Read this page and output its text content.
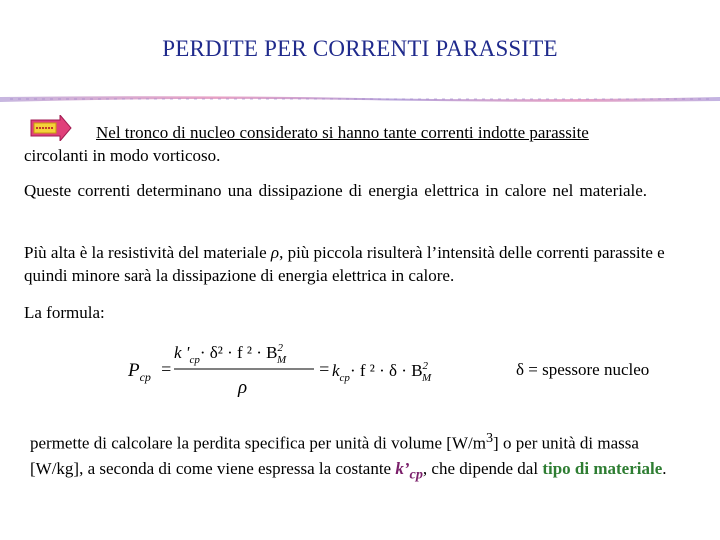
PERDITE PER CORRENTI PARASSITE
Nel tronco di nucleo considerato si hanno tante correnti indotte parassite
circolanti in modo vorticoso.
Queste correnti determinano una dissipazione di energia elettrica in calore nel materiale.
Più alta è la resistività del materiale ρ, più piccola risulterà l’intensità delle correnti parassite e quindi minore sarà la dissipazione di energia elettrica in calore.
La formula:
$P_{cp}$ =
k '$_{cp}\cdot \delta^2 \cdot f$ $^2 \cdot B^2$ M
ρ
= $k_{cp}\cdot f$ $^2 \cdot \delta \cdot B^2$ M	δ = spessore nucleo
permette di calcolare la perdita specifica per unità di volume $[W/m^3]$ o per unità di massa [W/kg], a seconda di come viene espressa la costante $k’_{cp}$, che dipende dal tipo di materiale.
